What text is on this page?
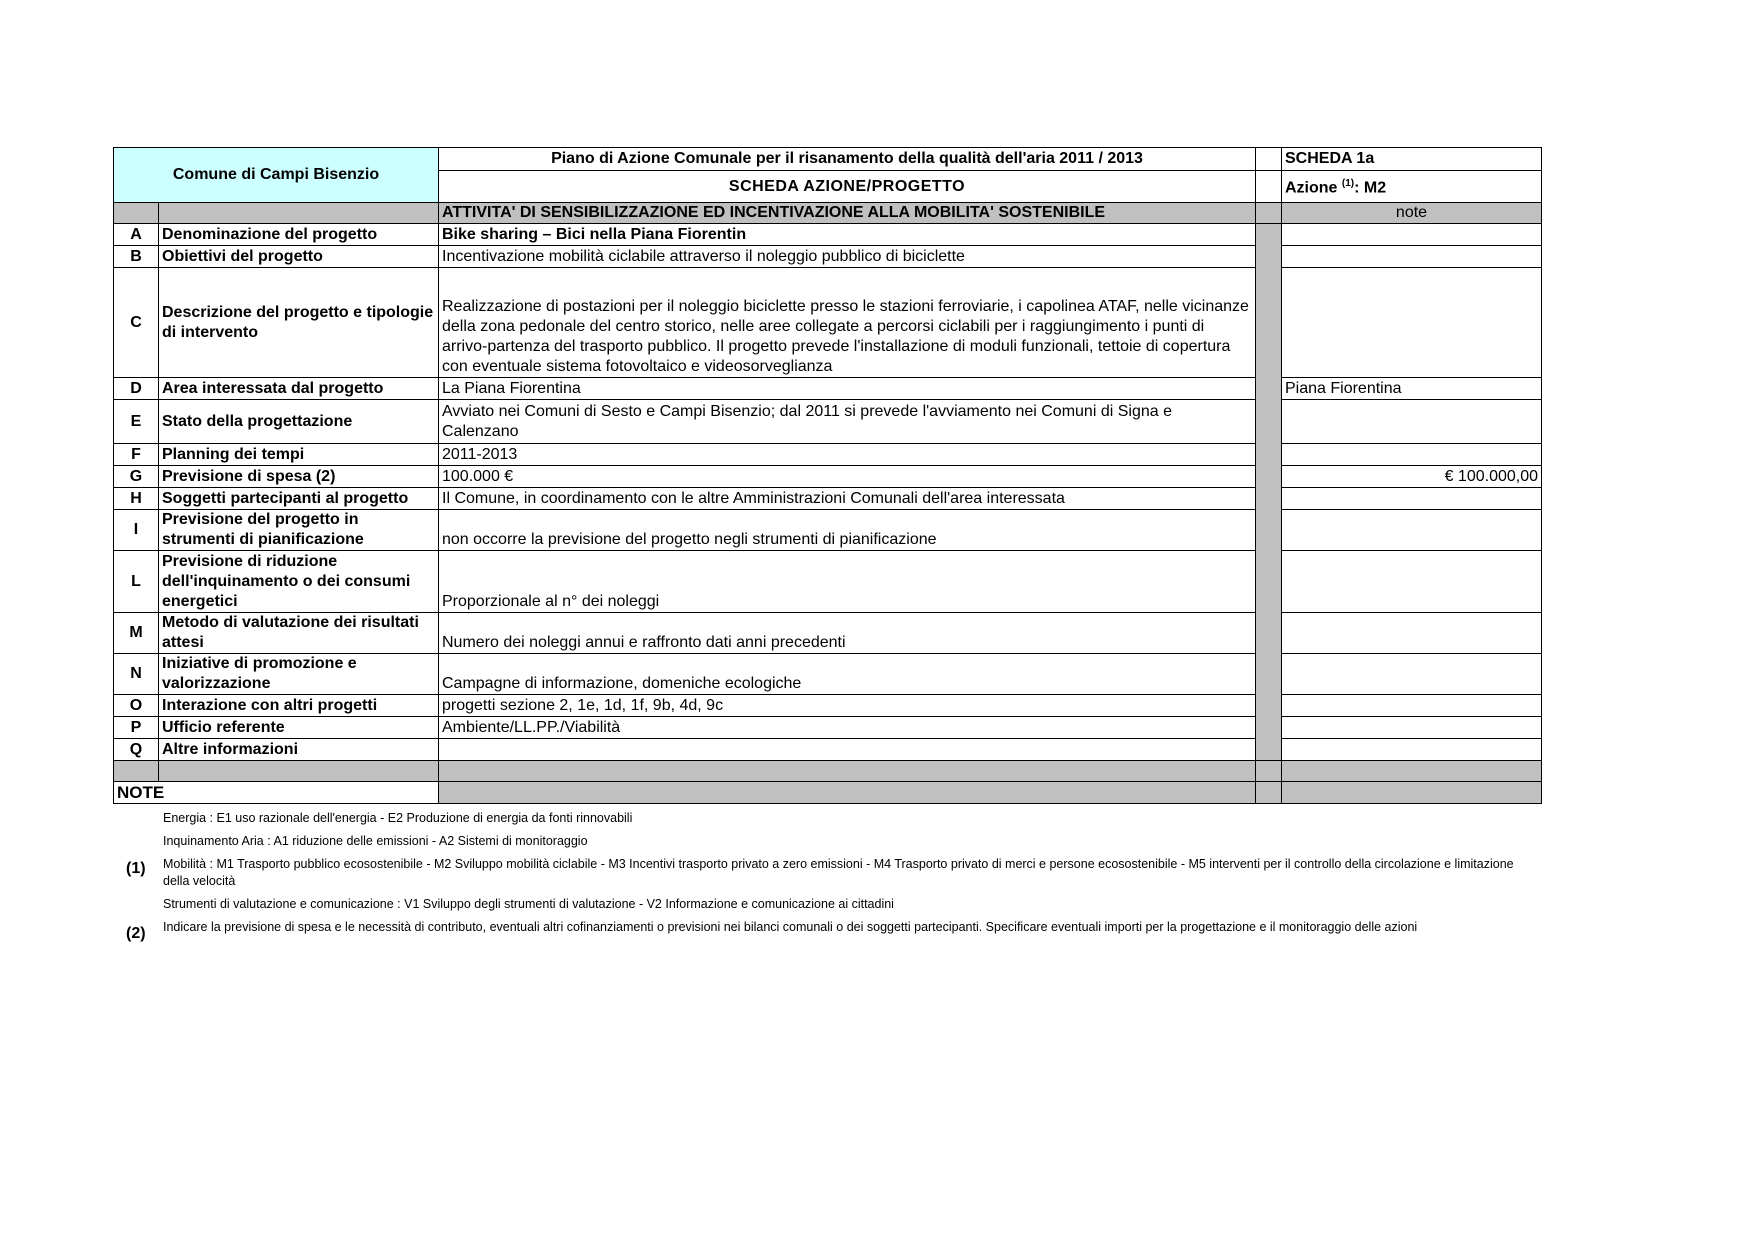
Comune di Campi Bisenzio		Piano di Azione Comunale per il risanamento della qualità dell'aria 2011 / 2013		SCHEDA 1a
		SCHEDA AZIONE/PROGETTO		Azione $^{(1)}$: M2
		ATTIVITA' DI SENSIBILIZZAZIONE ED INCENTIVAZIONE ALLA MOBILITA' SOSTENIBILE		note
A	Denominazione del progetto	Bike sharing – Bici nella Piana Fiorentin		
B	Obiettivi del progetto	Incentivazione mobilità ciclabile attraverso il noleggio pubblico di biciclette		
C	Descrizione del progetto e tipologie di intervento	Realizzazione di postazioni per il noleggio biciclette presso le stazioni ferroviarie, i capolinea ATAF, nelle vicinanze della zona pedonale del centro storico, nelle aree collegate a percorsi ciclabili per i raggiungimento i punti di arrivo-partenza del trasporto pubblico. Il progetto prevede l'installazione di moduli funzionali, tettoie di copertura con eventuale sistema fotovoltaico e videosorveglianza		
D	Area interessata dal progetto	La Piana Fiorentina		Piana Fiorentina
E	Stato della progettazione	Avviato nei Comuni di Sesto e Campi Bisenzio; dal 2011 si prevede l'avviamento nei Comuni di Signa e Calenzano		
F	Planning dei tempi	2011-2013		
G	Previsione di spesa (2)	100.000 €		€ 100.000,00
H	Soggetti partecipanti al progetto	Il Comune, in coordinamento con le altre Amministrazioni Comunali dell'area interessata		
I	Previsione del progetto in strumenti di pianificazione	non occorre la previsione del progetto negli strumenti di pianificazione		
L	Previsione di riduzione dell'inquinamento o dei consumi energetici	Proporzionale al n° dei noleggi		
M	Metodo di valutazione dei risultati attesi	Numero dei noleggi annui e raffronto dati anni precedenti		
N	Iniziative di promozione e valorizzazione	Campagne di informazione, domeniche ecologiche		
O	Interazione con altri progetti	progetti sezione 2, 1e, 1d, 1f, 9b, 4d, 9c		
P	Ufficio referente	Ambiente/LL.PP./Viabilità		
Q	Altre informazioni			

NOTE				
Energia : E1 uso razionale dell'energia - E2 Produzione di energia da fonti rinnovabili
Inquinamento Aria : A1 riduzione delle emissioni - A2 Sistemi di monitoraggio
(1) Mobilità : M1 Trasporto pubblico ecosostenibile - M2 Sviluppo mobilità ciclabile - M3 Incentivi trasporto privato a zero emissioni - M4 Trasporto privato di merci e persone ecosostenibile - M5 interventi per il controllo della circolazione e limitazione della velocità
Strumenti di valutazione e comunicazione : V1 Sviluppo degli strumenti di valutazione - V2 Informazione e comunicazione ai cittadini
(2) Indicare la previsione di spesa e le necessità di contributo, eventuali altri cofinanziamenti o previsioni nei bilanci comunali o dei soggetti partecipanti. Specificare eventuali importi per la progettazione e il monitoraggio delle azioni
